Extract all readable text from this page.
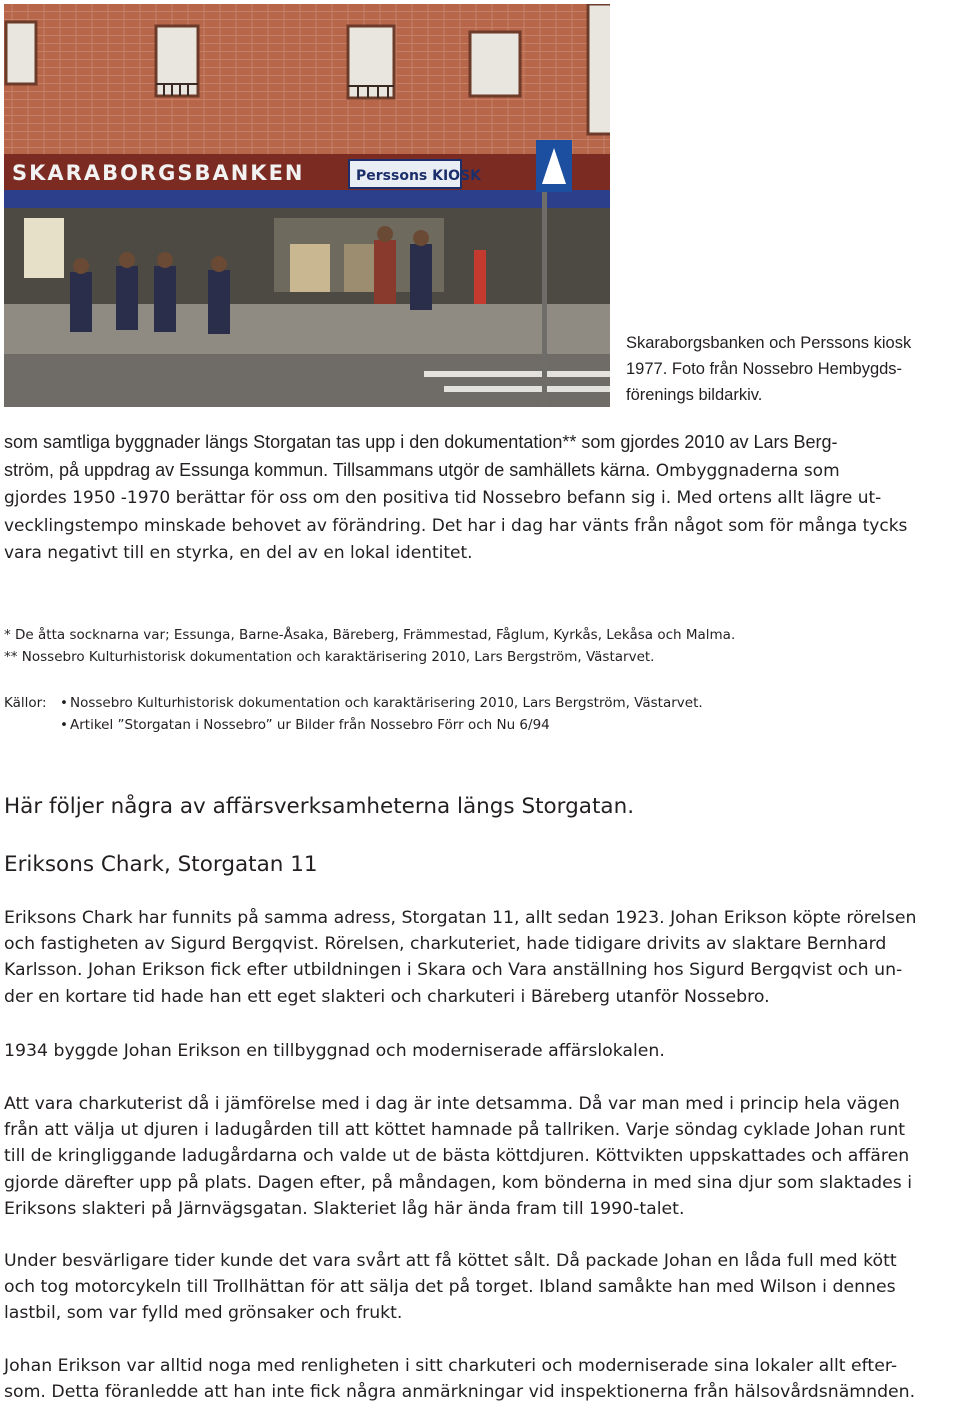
SKARABORGSBANKEN	Perssons KIOSK
Skaraborgsbanken och Perssons kiosk
1977. Foto från Nossebro Hembygds-
förenings bildarkiv.
som samtliga byggnader längs Storgatan tas upp i den dokumentation** som gjordes 2010 av Lars Berg-
ström, på uppdrag av Essunga kommun. Tillsammans utgör de samhällets kärna. Ombyggnaderna som
gjordes 1950 -1970 berättar för oss om den positiva tid Nossebro befann sig i. Med ortens allt lägre ut-
vecklingstempo minskade behovet av förändring. Det har i dag har vänts från något som för många tycks
vara negativt till en styrka, en del av en lokal identitet.
* De åtta socknarna var; Essunga, Barne-Åsaka, Bäreberg, Främmestad, Fåglum, Kyrkås, Lekåsa och Malma.
** Nossebro Kulturhistorisk dokumentation och karaktärisering 2010, Lars Bergström, Västarvet.
Källor: • Nossebro Kulturhistorisk dokumentation och karaktärisering 2010, Lars Bergström, Västarvet.
• Artikel ”Storgatan i Nossebro” ur Bilder från Nossebro Förr och Nu 6/94
Här följer några av affärsverksamheterna längs Storgatan.
Eriksons Chark, Storgatan 11
Eriksons Chark har funnits på samma adress, Storgatan 11, allt sedan 1923. Johan Erikson köpte rörelsen
och fastigheten av Sigurd Bergqvist. Rörelsen, charkuteriet, hade tidigare drivits av slaktare Bernhard
Karlsson. Johan Erikson fick efter utbildningen i Skara och Vara anställning hos Sigurd Bergqvist och un-
der en kortare tid hade han ett eget slakteri och charkuteri i Bäreberg utanför Nossebro.
1934 byggde Johan Erikson en tillbyggnad och moderniserade affärslokalen.
Att vara charkuterist då i jämförelse med i dag är inte detsamma. Då var man med i princip hela vägen
från att välja ut djuren i ladugården till att köttet hamnade på tallriken. Varje söndag cyklade Johan runt
till de kringliggande ladugårdarna och valde ut de bästa köttdjuren. Köttvikten uppskattades och affären
gjorde därefter upp på plats. Dagen efter, på måndagen, kom bönderna in med sina djur som slaktades i
Eriksons slakteri på Järnvägsgatan. Slakteriet låg här ända fram till 1990-talet.
Under besvärligare tider kunde det vara svårt att få köttet sålt. Då packade Johan en låda full med kött
och tog motorcykeln till Trollhättan för att sälja det på torget. Ibland samåkte han med Wilson i dennes
lastbil, som var fylld med grönsaker och frukt.
Johan Erikson var alltid noga med renligheten i sitt charkuteri och moderniserade sina lokaler allt efter-
som. Detta föranledde att han inte fick några anmärkningar vid inspektionerna från hälsovårdsnämnden.
